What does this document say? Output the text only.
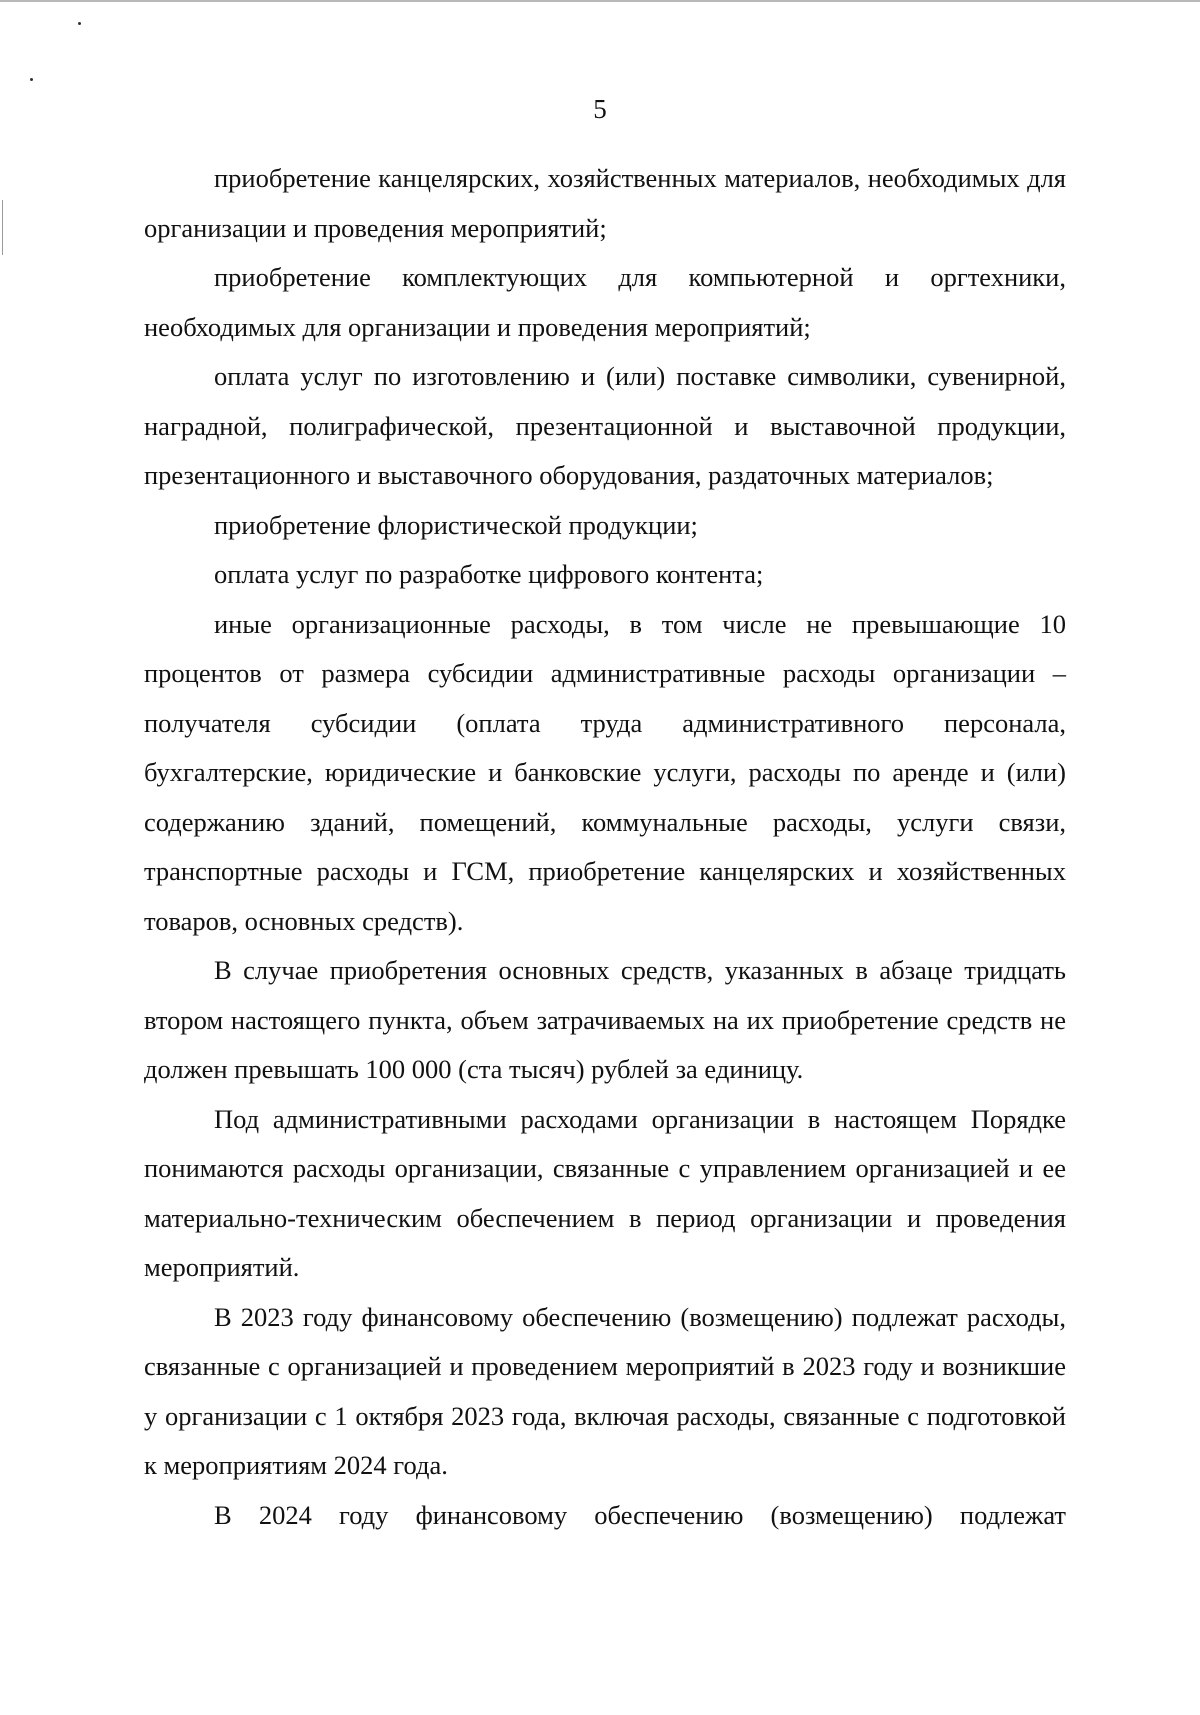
5

приобретение канцелярских, хозяйственных материалов, необходимых для организации и проведения мероприятий;

приобретение комплектующих для компьютерной и оргтехники, необходимых для организации и проведения мероприятий;

оплата услуг по изготовлению и (или) поставке символики, сувенирной, наградной, полиграфической, презентационной и выставочной продукции, презентационного и выставочного оборудования, раздаточных материалов;

приобретение флористической продукции;

оплата услуг по разработке цифрового контента;

иные организационные расходы, в том числе не превышающие 10 процентов от размера субсидии административные расходы организации – получателя субсидии (оплата труда административного персонала, бухгалтерские, юридические и банковские услуги, расходы по аренде и (или) содержанию зданий, помещений, коммунальные расходы, услуги связи, транспортные расходы и ГСМ, приобретение канцелярских и хозяйственных товаров, основных средств).

В случае приобретения основных средств, указанных в абзаце тридцать втором настоящего пункта, объем затрачиваемых на их приобретение средств не должен превышать 100 000 (ста тысяч) рублей за единицу.

Под административными расходами организации в настоящем Порядке понимаются расходы организации, связанные с управлением организацией и ее материально-техническим обеспечением в период организации и проведения мероприятий.

В 2023 году финансовому обеспечению (возмещению) подлежат расходы, связанные с организацией и проведением мероприятий в 2023 году и возникшие у организации с 1 октября 2023 года, включая расходы, связанные с подготовкой к мероприятиям 2024 года.

В 2024 году финансовому обеспечению (возмещению) подлежат
